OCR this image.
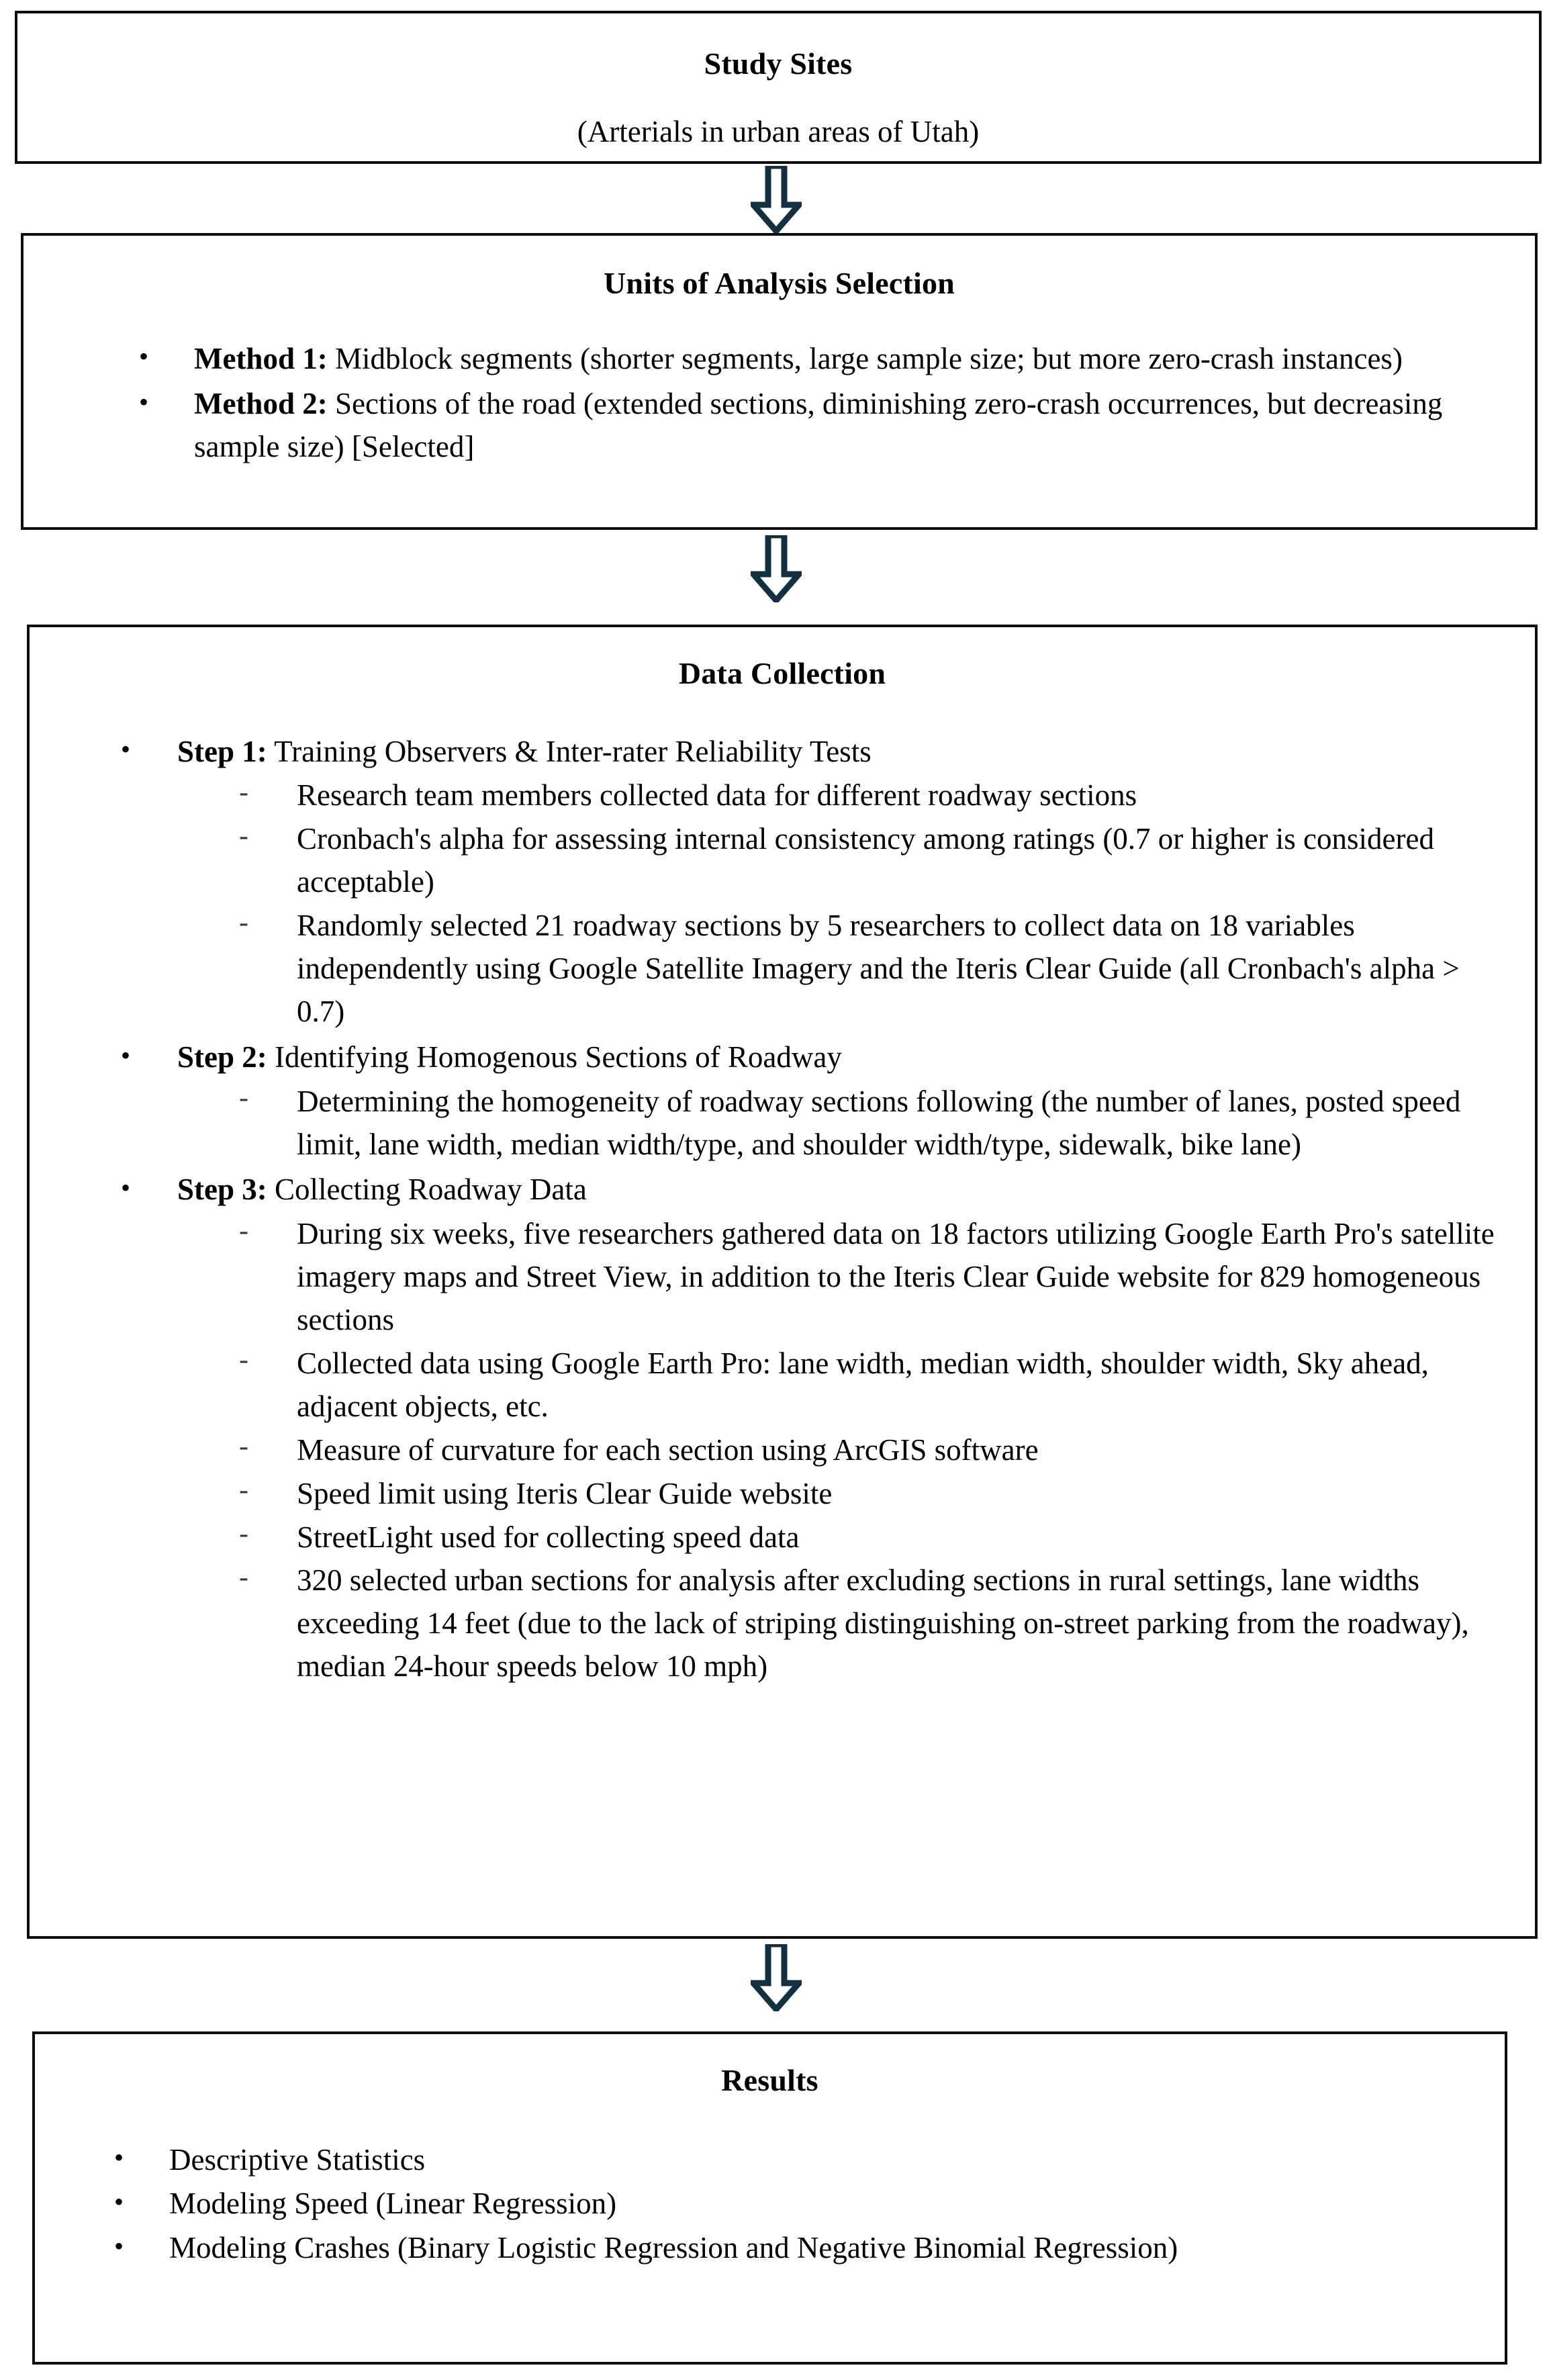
Study Sites
(Arterials in urban areas of Utah)
Units of Analysis Selection
•	Method 1: Midblock segments (shorter segments, large sample size; but more zero-crash instances)
•	Method 2: Sections of the road (extended sections, diminishing zero-crash occurrences, but decreasing sample size) [Selected]
Data Collection
•	Step 1: Training Observers & Inter-rater Reliability Tests
-	Research team members collected data for different roadway sections
-	Cronbach's alpha for assessing internal consistency among ratings (0.7 or higher is considered acceptable)
-	Randomly selected 21 roadway sections by 5 researchers to collect data on 18 variables independently using Google Satellite Imagery and the Iteris Clear Guide (all Cronbach's alpha > 0.7)
•	Step 2: Identifying Homogenous Sections of Roadway
-	Determining the homogeneity of roadway sections following (the number of lanes, posted speed limit, lane width, median width/type, and shoulder width/type, sidewalk, bike lane)
•	Step 3: Collecting Roadway Data
-	During six weeks, five researchers gathered data on 18 factors utilizing Google Earth Pro's satellite imagery maps and Street View, in addition to the Iteris Clear Guide website for 829 homogeneous sections
-	Collected data using Google Earth Pro: lane width, median width, shoulder width, Sky ahead, adjacent objects, etc.
-	Measure of curvature for each section using ArcGIS software
-	Speed limit using Iteris Clear Guide website
-	StreetLight used for collecting speed data
-	320 selected urban sections for analysis after excluding sections in rural settings, lane widths exceeding 14 feet (due to the lack of striping distinguishing on-street parking from the roadway), median 24-hour speeds below 10 mph)
Results
•	Descriptive Statistics
•	Modeling Speed (Linear Regression)
•	Modeling Crashes (Binary Logistic Regression and Negative Binomial Regression)
